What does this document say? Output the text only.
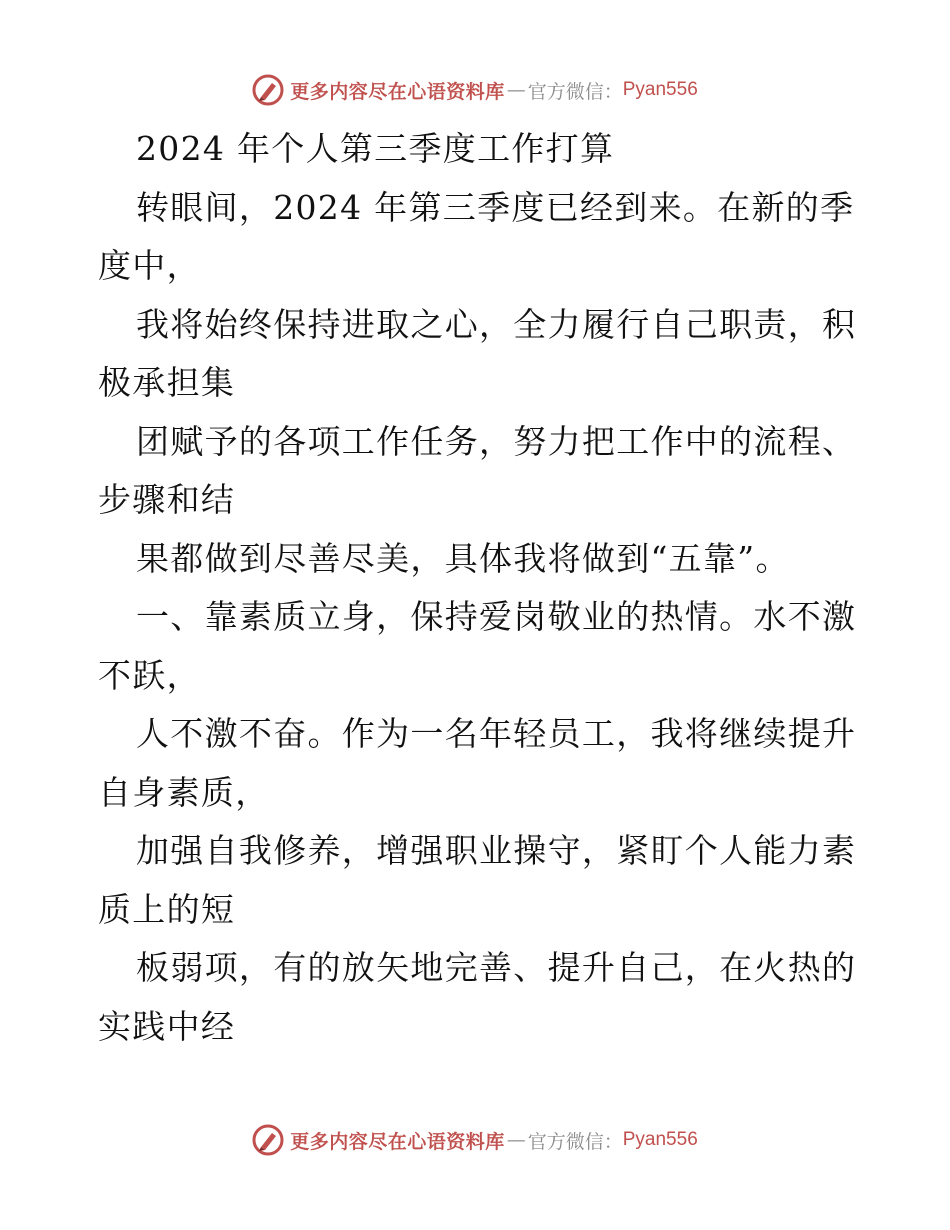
更多内容尽在心语资料库 — 官方微信： Pyan556
2024 年个人第三季度工作打算
转眼间，2024 年第三季度已经到来。在新的季
度中，
我将始终保持进取之心，全力履行自己职责，积
极承担集
团赋予的各项工作任务，努力把工作中的流程、
步骤和结
果都做到尽善尽美，具体我将做到“五靠”。
一、靠素质立身，保持爱岗敬业的热情。水不激
不跃，
人不激不奋。作为一名年轻员工，我将继续提升
自身素质，
加强自我修养，增强职业操守，紧盯个人能力素
质上的短
板弱项，有的放矢地完善、提升自己，在火热的
实践中经
更多内容尽在心语资料库 — 官方微信： Pyan556
